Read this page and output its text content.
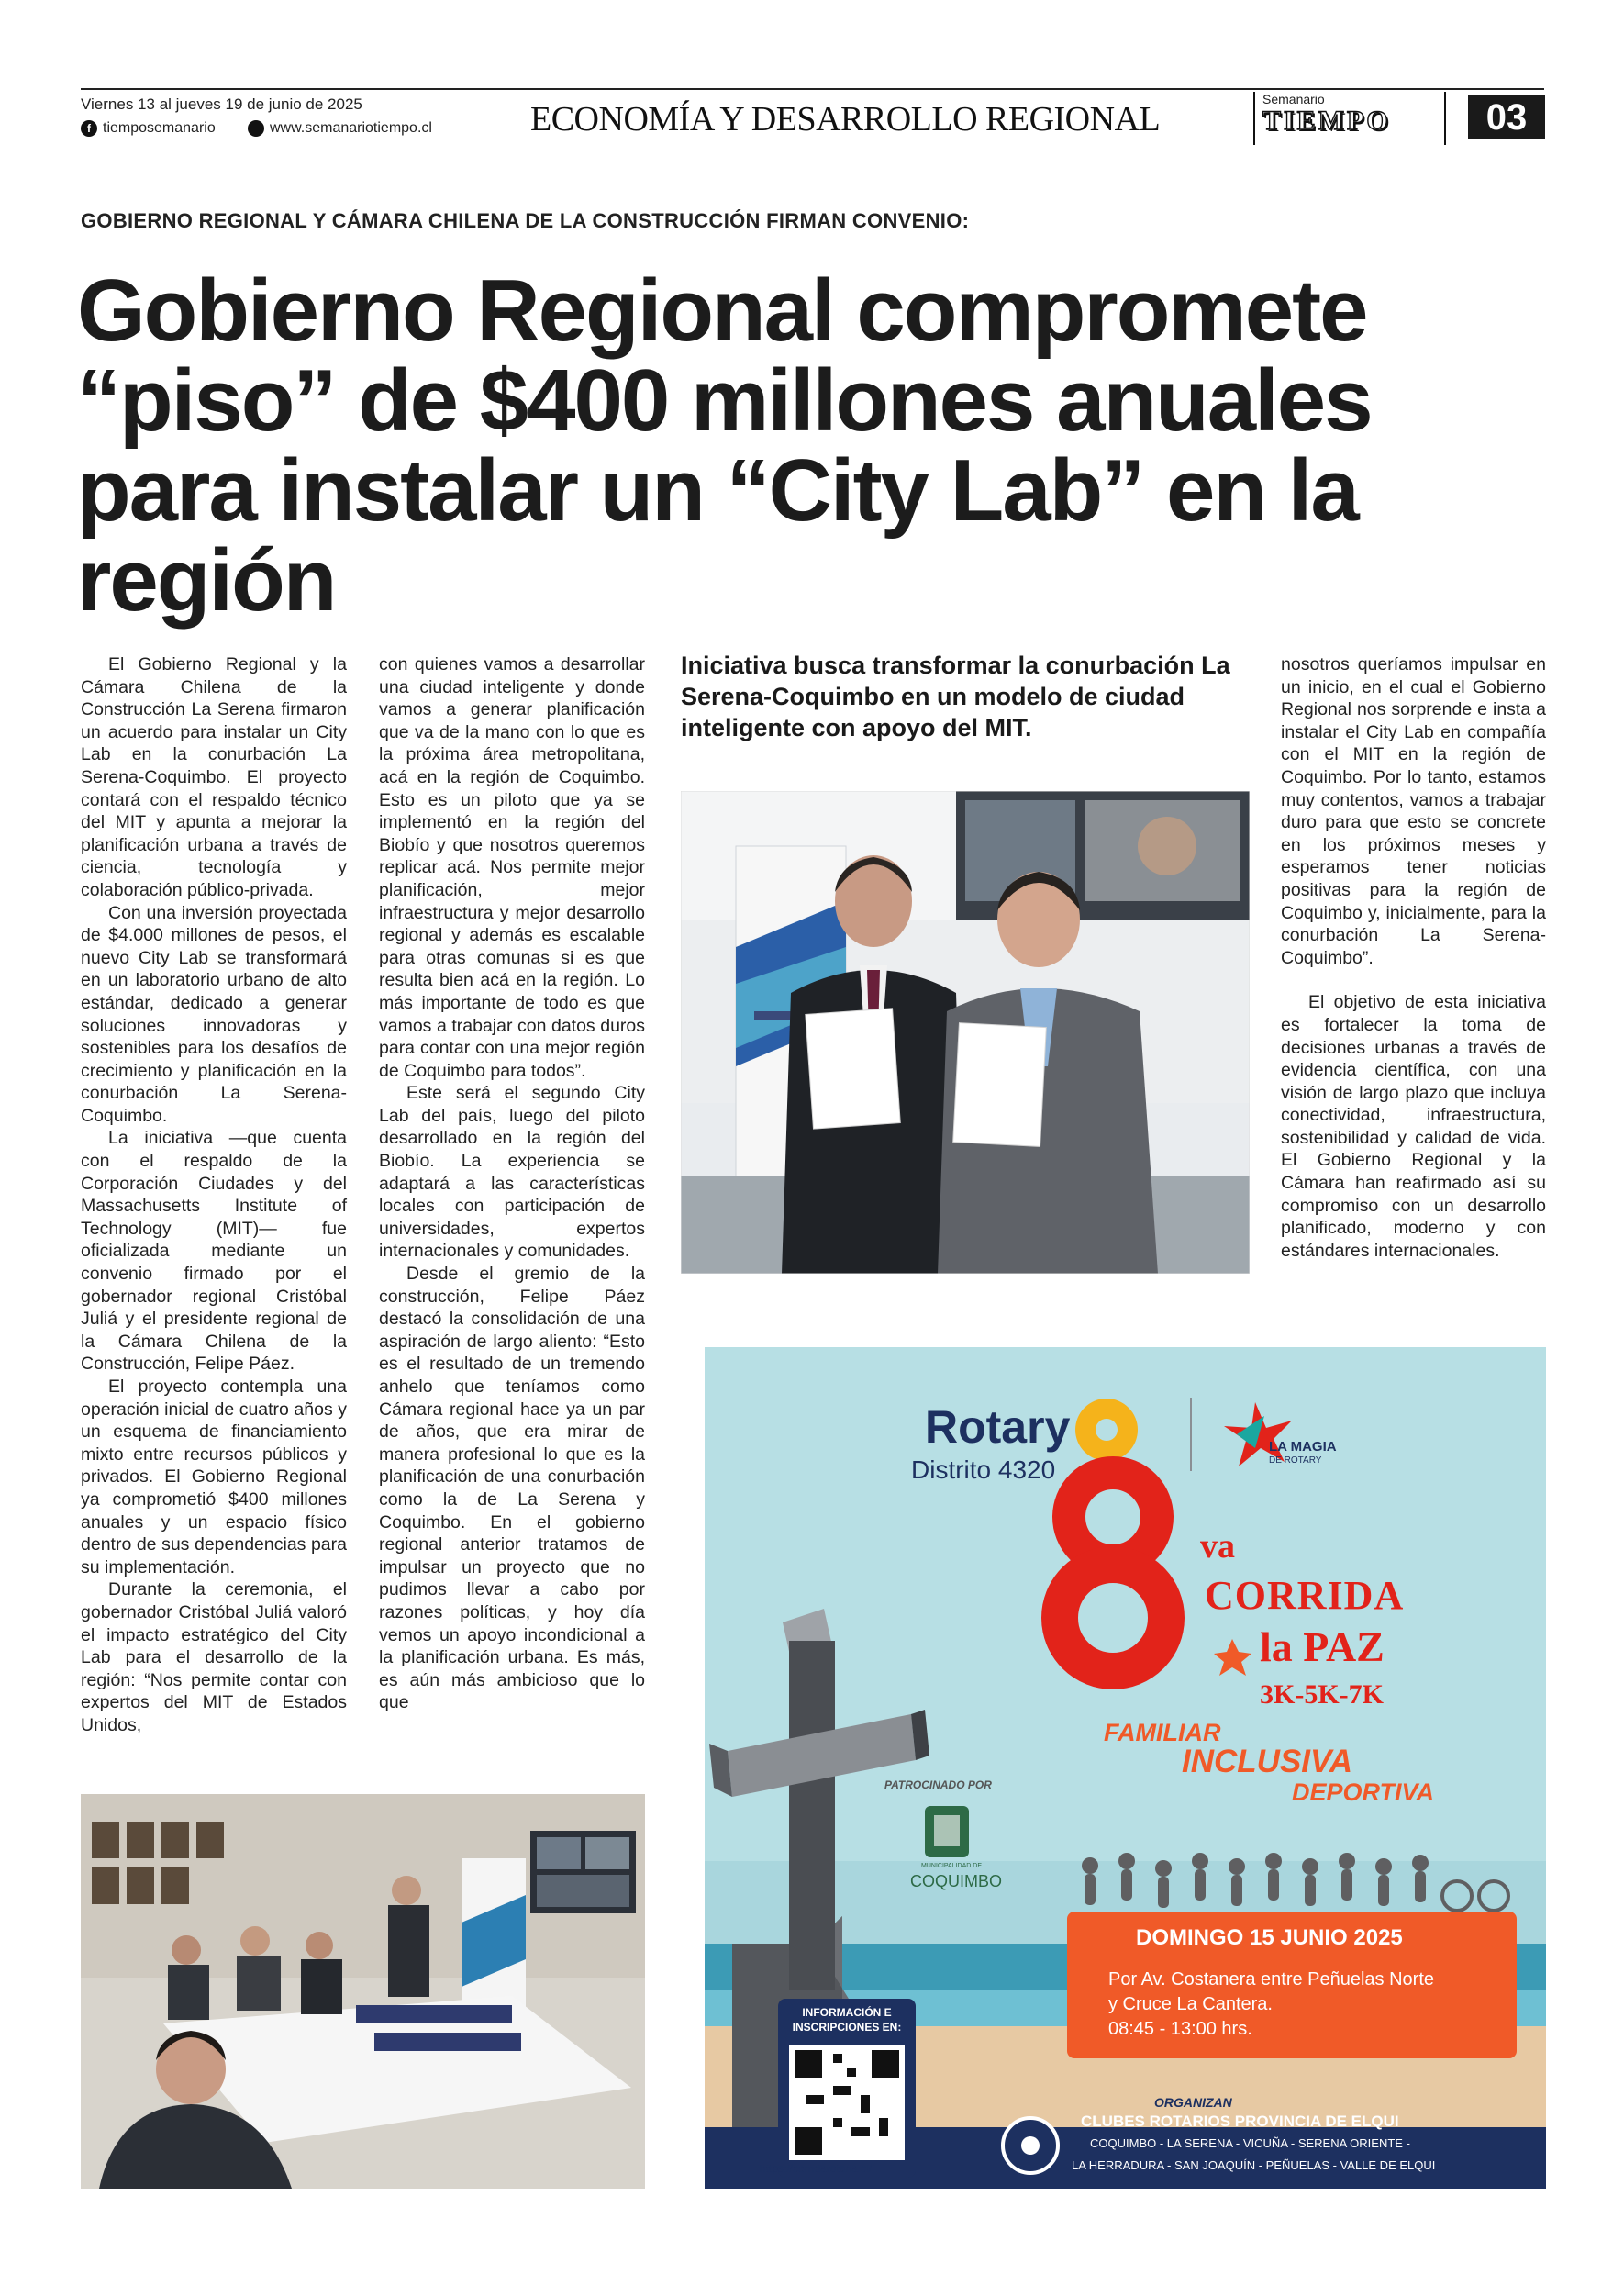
Viernes 13 al jueves 19 de junio de 2025
f tiemposemanario	www.semanariotiempo.cl	ECONOMÍA Y DESARROLLO REGIONAL
Semanario
TIEMPO	03
GOBIERNO REGIONAL Y CÁMARA CHILENA DE LA CONSTRUCCIÓN FIRMAN CONVENIO:
Gobierno Regional compromete “piso” de $400 millones anuales para instalar un “City Lab” en la región

El Gobierno Regional y la Cámara Chilena de la Construcción La Serena firmaron un acuerdo para instalar un City Lab en la conurbación La Serena-Coquimbo. El proyecto contará con el respaldo técnico del MIT y apunta a mejorar la planificación urbana a través de ciencia, tecnología y colaboración público-privada.

Con una inversión proyectada de $4.000 millones de pesos, el nuevo City Lab se transformará en un laboratorio urbano de alto estándar, dedicado a generar soluciones innovadoras y sostenibles para los desafíos de crecimiento y planificación en la conurbación La Serena-Coquimbo.

La iniciativa —que cuenta con el respaldo de la Corporación Ciudades y del Massachusetts Institute of Technology (MIT)— fue oficializada mediante un convenio firmado por el gobernador regional Cristóbal Juliá y el presidente regional de la Cámara Chilena de la Construcción, Felipe Páez.

El proyecto contempla una operación inicial de cuatro años y un esquema de financiamiento mixto entre recursos públicos y privados. El Gobierno Regional ya comprometió $400 millones anuales y un espacio físico dentro de sus dependencias para su implementación.

Durante la ceremonia, el gobernador Cristóbal Juliá valoró el impacto estratégico del City Lab para el desarrollo de la región: “Nos permite contar con expertos del MIT de Estados Unidos,

con quienes vamos a desarrollar una ciudad inteligente y donde vamos a generar planificación que va de la mano con lo que es la próxima área metropolitana, acá en la región de Coquimbo. Esto es un piloto que ya se implementó en la región del Biobío y que nosotros queremos replicar acá. Nos permite mejor planificación, mejor infraestructura y mejor desarrollo regional y además es escalable para otras comunas si es que resulta bien acá en la región. Lo más importante de todo es que vamos a trabajar con datos duros para contar con una mejor región de Coquimbo para todos”.

Este será el segundo City Lab del país, luego del piloto desarrollado en la región del Biobío. La experiencia se adaptará a las características locales con participación de universidades, expertos internacionales y comunidades.

Desde el gremio de la construcción, Felipe Páez destacó la consolidación de una aspiración de largo aliento: “Esto es el resultado de un tremendo anhelo que teníamos como Cámara regional hace ya un par de años, que era mirar de manera profesional lo que es la planificación de una conurbación como la de La Serena y Coquimbo. En el gobierno regional anterior tratamos de impulsar un proyecto que no pudimos llevar a cabo por razones políticas, y hoy día vemos un apoyo incondicional a la planificación urbana. Es más, es aún más ambicioso que lo que

Iniciativa busca transformar la conurbación La Serena-Coquimbo en un modelo de ciudad inteligente con apoyo del MIT.

nosotros queríamos impulsar en un inicio, en el cual el Gobierno Regional nos sorprende e insta a instalar el City Lab en compañía con el MIT en la región de Coquimbo. Por lo tanto, estamos muy contentos, vamos a trabajar duro para que esto se concrete en los próximos meses y esperamos tener noticias positivas para la región de Coquimbo y, inicialmente, para la conurbación La Serena-Coquimbo”.

El objetivo de esta iniciativa es fortalecer la toma de decisiones urbanas a través de evidencia científica, con una visión de largo plazo que incluya conectividad, infraestructura, sostenibilidad y calidad de vida. El Gobierno Regional y la Cámara han reafirmado así su compromiso con un desarrollo planificado, moderno y con estándares internacionales.

Rotary
Distrito 4320
LA MAGIA
DE ROTARY
va
CORRIDA
la PAZ
3K-5K-7K
FAMILIAR
INCLUSIVA
DEPORTIVA
PATROCINADO POR
MUNICIPALIDAD DE
COQUIMBO
DOMINGO 15 JUNIO 2025
Por Av. Costanera entre Peñuelas Norte
y Cruce La Cantera.
08:45 - 13:00 hrs.
INFORMACIÓN E
INSCRIPCIONES EN:
https://corridarotaria.cl/
ORGANIZAN
CLUBES ROTARIOS PROVINCIA DE ELQUI
COQUIMBO - LA SERENA - VICUÑA - SERENA ORIENTE -
LA HERRADURA - SAN JOAQUÍN - PEÑUELAS - VALLE DE ELQUI
